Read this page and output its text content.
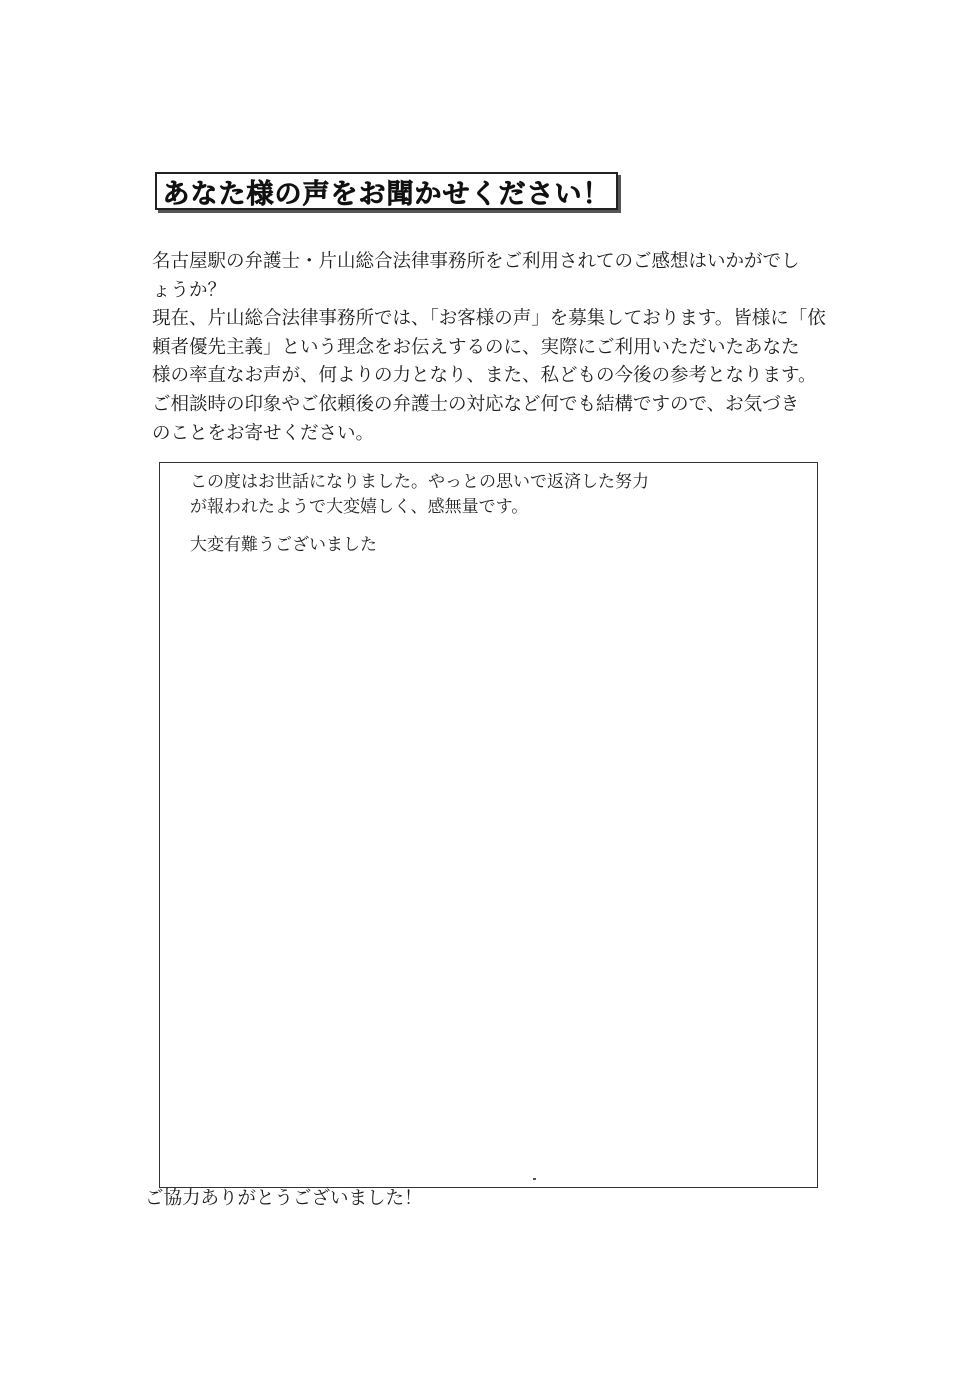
あなた様の声をお聞かせください！

名古屋駅の弁護士・片山総合法律事務所をご利用されてのご感想はいかがでし

ょうか？

現在、片山総合法律事務所では、「お客様の声」を募集しております。皆様に「依

頼者優先主義」という理念をお伝えするのに、実際にご利用いただいたあなた

様の率直なお声が、何よりの力となり、また、私どもの今後の参考となります。

ご相談時の印象やご依頼後の弁護士の対応など何でも結構ですので、お気づき

のことをお寄せください。

この度はお世話になりました。やっとの思いで返済した努力

が報われたようで大変嬉しく、感無量です。

大変有難うございました

ご協力ありがとうございました！
